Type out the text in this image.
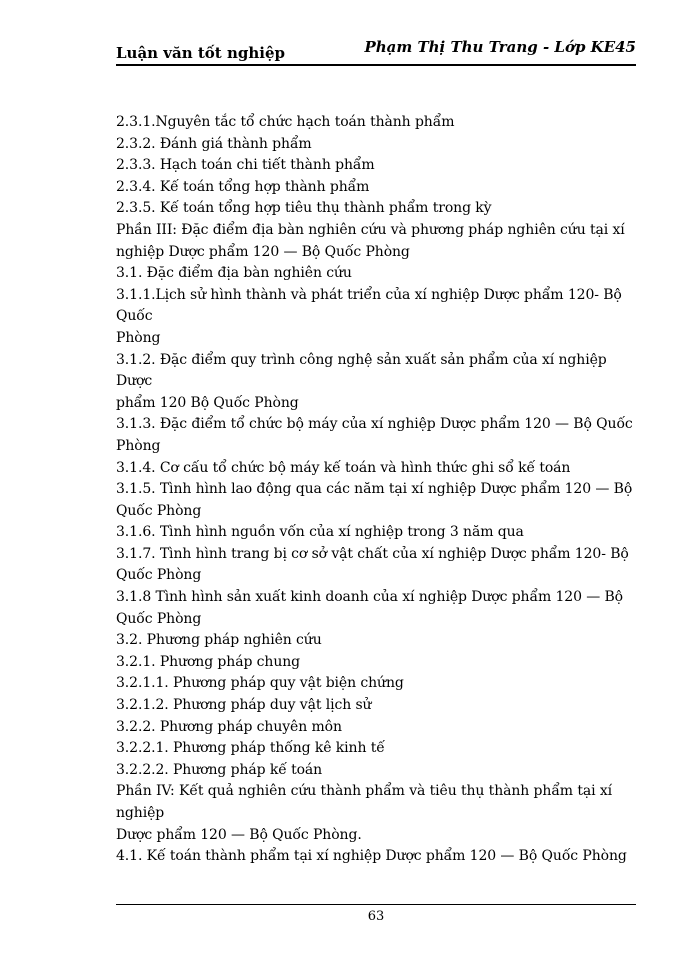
Luận văn tốt nghiệp	Phạm Thị Thu Trang - Lớp KE45
2.3.1.Nguyên tắc tổ chức hạch toán thành phẩm
2.3.2. Đánh giá thành phẩm
2.3.3. Hạch toán chi tiết thành phẩm
2.3.4. Kế toán tổng hợp thành phẩm
2.3.5. Kế toán tổng hợp tiêu thụ thành phẩm trong kỳ
Phần III: Đặc điểm địa bàn nghiên cứu và phương pháp nghiên cứu tại xí
nghiệp Dược phẩm 120 — Bộ Quốc Phòng
3.1. Đặc điểm địa bàn nghiên cứu
3.1.1.Lịch sử hình thành và phát triển của xí nghiệp Dược phẩm 120- Bộ Quốc
Phòng
3.1.2. Đặc điểm quy trình công nghệ sản xuất sản phẩm của xí nghiệp Dược
phẩm 120 Bộ Quốc Phòng
3.1.3. Đặc điểm tổ chức bộ máy của xí nghiệp Dược phẩm 120 — Bộ Quốc
Phòng
3.1.4. Cơ cấu tổ chức bộ máy kế toán và hình thức ghi sổ kế toán
3.1.5. Tình hình lao động qua các năm tại xí nghiệp Dược phẩm 120 — Bộ
Quốc Phòng
3.1.6. Tình hình nguồn vốn của xí nghiệp trong 3 năm qua
3.1.7. Tình hình trang bị cơ sở vật chất của xí nghiệp Dược phẩm 120- Bộ
Quốc Phòng
3.1.8 Tình hình sản xuất kinh doanh của xí nghiệp Dược phẩm 120 — Bộ
Quốc Phòng
3.2. Phương pháp nghiên cứu
3.2.1. Phương pháp chung
3.2.1.1. Phương pháp quy vật biện chứng
3.2.1.2. Phương pháp duy vật lịch sử
3.2.2. Phương pháp chuyên môn
3.2.2.1. Phương pháp thống kê kinh tế
3.2.2.2. Phương pháp kế toán
Phần IV: Kết quả nghiên cứu thành phẩm và tiêu thụ thành phẩm tại xí nghiệp
Dược phẩm 120 — Bộ Quốc Phòng.
4.1. Kế toán thành phẩm tại xí nghiệp Dược phẩm 120 — Bộ Quốc Phòng
63
